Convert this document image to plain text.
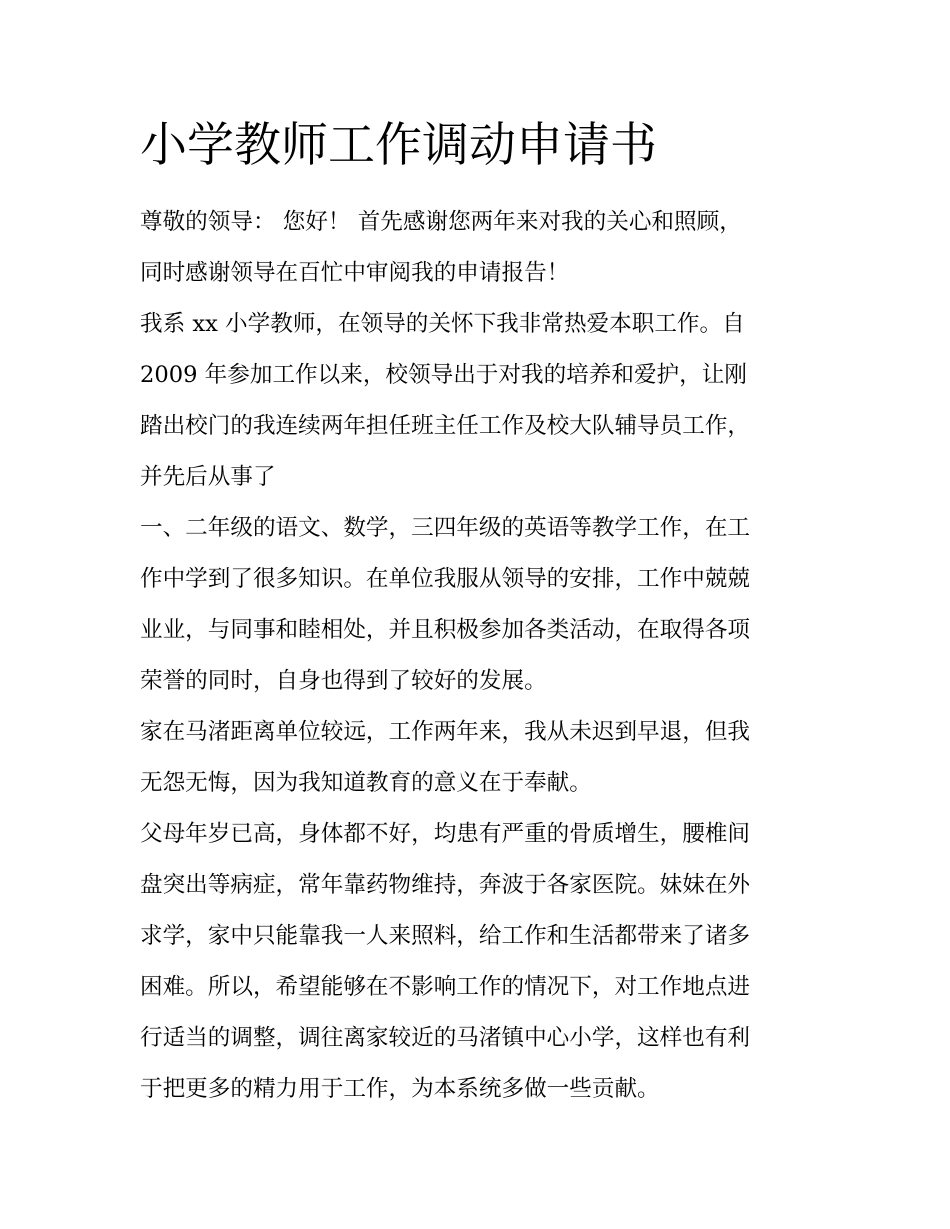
小学教师工作调动申请书

尊敬的领导： 您好！ 首先感谢您两年来对我的关心和照顾，

同时感谢领导在百忙中审阅我的申请报告！

我系 xx 小学教师，在领导的关怀下我非常热爱本职工作。自

2009 年参加工作以来，校领导出于对我的培养和爱护，让刚

踏出校门的我连续两年担任班主任工作及校大队辅导员工作，

并先后从事了

一、二年级的语文、数学，三四年级的英语等教学工作，在工

作中学到了很多知识。在单位我服从领导的安排，工作中兢兢

业业，与同事和睦相处，并且积极参加各类活动，在取得各项

荣誉的同时，自身也得到了较好的发展。

家在马渚距离单位较远，工作两年来，我从未迟到早退，但我

无怨无悔，因为我知道教育的意义在于奉献。

父母年岁已高，身体都不好，均患有严重的骨质增生，腰椎间

盘突出等病症，常年靠药物维持，奔波于各家医院。妹妹在外

求学，家中只能靠我一人来照料，给工作和生活都带来了诸多

困难。所以，希望能够在不影响工作的情况下，对工作地点进

行适当的调整，调往离家较近的马渚镇中心小学，这样也有利

于把更多的精力用于工作，为本系统多做一些贡献。
